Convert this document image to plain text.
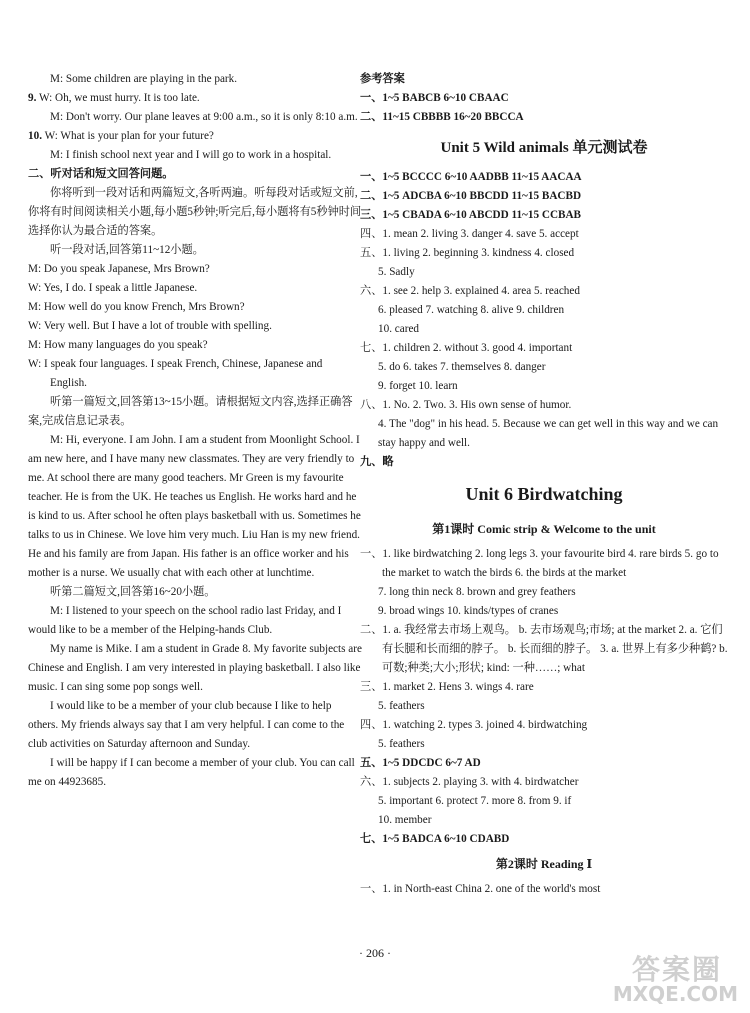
M: Some children are playing in the park.

9. W: Oh, we must hurry. It is too late.

M: Don't worry. Our plane leaves at 9:00 a.m., so it is only 8:10 a.m.

10. W: What is your plan for your future?

M: I finish school next year and I will go to work in a hospital.

二、听对话和短文回答问题。

你将听到一段对话和两篇短文,各听两遍。听每段对话或短文前,你将有时间阅读相关小题,每小题5秒钟;听完后,每小题将有5秒钟时间选择你认为最合适的答案。

听一段对话,回答第11~12小题。

M: Do you speak Japanese, Mrs Brown?

W: Yes, I do. I speak a little Japanese.

M: How well do you know French, Mrs Brown?

W: Very well. But I have a lot of trouble with spelling.

M: How many languages do you speak?

W: I speak four languages. I speak French, Chinese, Japanese and English.

听第一篇短文,回答第13~15小题。请根据短文内容,选择正确答案,完成信息记录表。

M: Hi, everyone. I am John. I am a student from Moonlight School. I am new here, and I have many new classmates. They are very friendly to me. At school there are many good teachers. Mr Green is my favourite teacher. He is from the UK. He teaches us English. He works hard and he is kind to us. After school he often plays basketball with us. Sometimes he talks to us in Chinese. We love him very much. Liu Han is my new friend. He and his family are from Japan. His father is an office worker and his mother is a nurse. We usually chat with each other at lunchtime.

听第二篇短文,回答第16~20小题。

M: I listened to your speech on the school radio last Friday, and I would like to be a member of the Helping-hands Club.

My name is Mike. I am a student in Grade 8. My favorite subjects are Chinese and English. I am very interested in playing basketball. I also like music. I can sing some pop songs well.

I would like to be a member of your club because I like to help others. My friends always say that I am very helpful. I can come to the club activities on Saturday afternoon and Sunday.

I will be happy if I can become a member of your club. You can call me on 44923685.

参考答案

一、1~5 BABCB 6~10 CBAAC

二、11~15 CBBBB 16~20 BBCCA

Unit 5 Wild animals 单元测试卷

一、1~5 BCCCC 6~10 AADBB 11~15 AACAA

二、1~5 ADCBA 6~10 BBCDD 11~15 BACBD

三、1~5 CBADA 6~10 ABCDD 11~15 CCBAB

四、1. mean 2. living 3. danger 4. save 5. accept

五、1. living 2. beginning 3. kindness 4. closed

5. Sadly

六、1. see 2. help 3. explained 4. area 5. reached

6. pleased 7. watching 8. alive 9. children

10. cared

七、1. children 2. without 3. good 4. important

5. do 6. takes 7. themselves 8. danger

9. forget 10. learn

八、1. No. 2. Two. 3. His own sense of humor.

4. The "dog" in his head. 5. Because we can get well in this way and we can stay happy and well.

九、略

Unit 6 Birdwatching

第1课时 Comic strip & Welcome to the unit

一、1. like birdwatching 2. long legs 3. your favourite bird 4. rare birds 5. go to the market to watch the birds 6. the birds at the market

7. long thin neck 8. brown and grey feathers

9. broad wings 10. kinds/types of cranes

二、1. a. 我经常去市场上观鸟。 b. 去市场观鸟;市场; at the market 2. a. 它们有长腿和长而细的脖子。 b. 长而细的脖子。 3. a. 世界上有多少种鹤? b. 可数;种类;大小;形状; kind: 一种……; what

三、1. market 2. Hens 3. wings 4. rare

5. feathers

四、1. watching 2. types 3. joined 4. birdwatching

5. feathers

五、1~5 DDCDC 6~7 AD

六、1. subjects 2. playing 3. with 4. birdwatcher

5. important 6. protect 7. more 8. from 9. if

10. member

七、1~5 BADCA 6~10 CDABD

第2课时 Reading Ⅰ

一、1. in North-east China 2. one of the world's most

· 206 ·	答案圈
MXQE.COM
